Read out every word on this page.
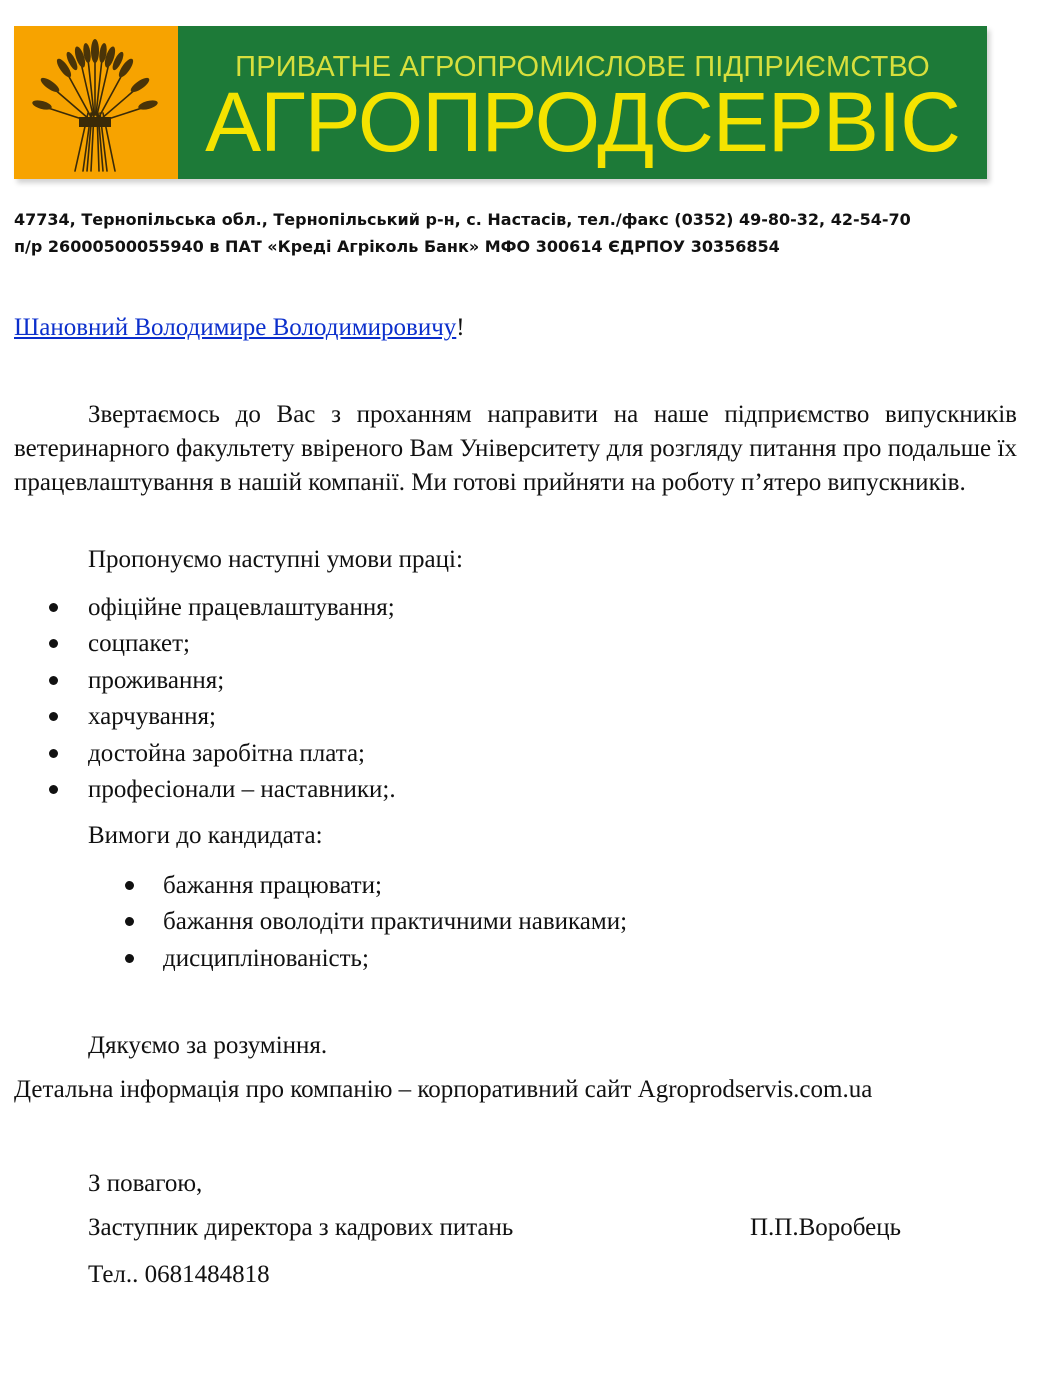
ПРИВАТНЕ АГРОПРОМИСЛОВЕ ПІДПРИЄМСТВО
АГРОПРОДСЕРВІС
47734, Тернопільська обл., Тернопільський р-н, с. Настасів, тел./факс (0352) 49-80-32, 42-54-70
п/р 26000500055940 в ПАТ «Креді Агріколь Банк» МФО 300614 ЄДРПОУ 30356854
Шановний Володимире Володимировичу!

Звертаємось до Вас з проханням направити на наше підприємство випускників ветеринарного факультету ввіреного Вам Університету для розгляду питання про подальше їх працевлаштування в нашій компанії. Ми готові прийняти на роботу п’ятеро випускників.

Пропонуємо наступні умови праці:

офіційне працевлаштування;
соцпакет;
проживання;
харчування;
достойна заробітна плата;
професіонали – наставники;.

Вимоги до кандидата:

бажання працювати;
бажання оволодіти практичними навиками;
дисциплінованість;

Дякуємо за розуміння.

Детальна інформація про компанію – корпоративний сайт Agroprodservis.com.ua

З повагою,

Заступник директора з кадрових питань	П.П.Воробець

Тел.. 0681484818
